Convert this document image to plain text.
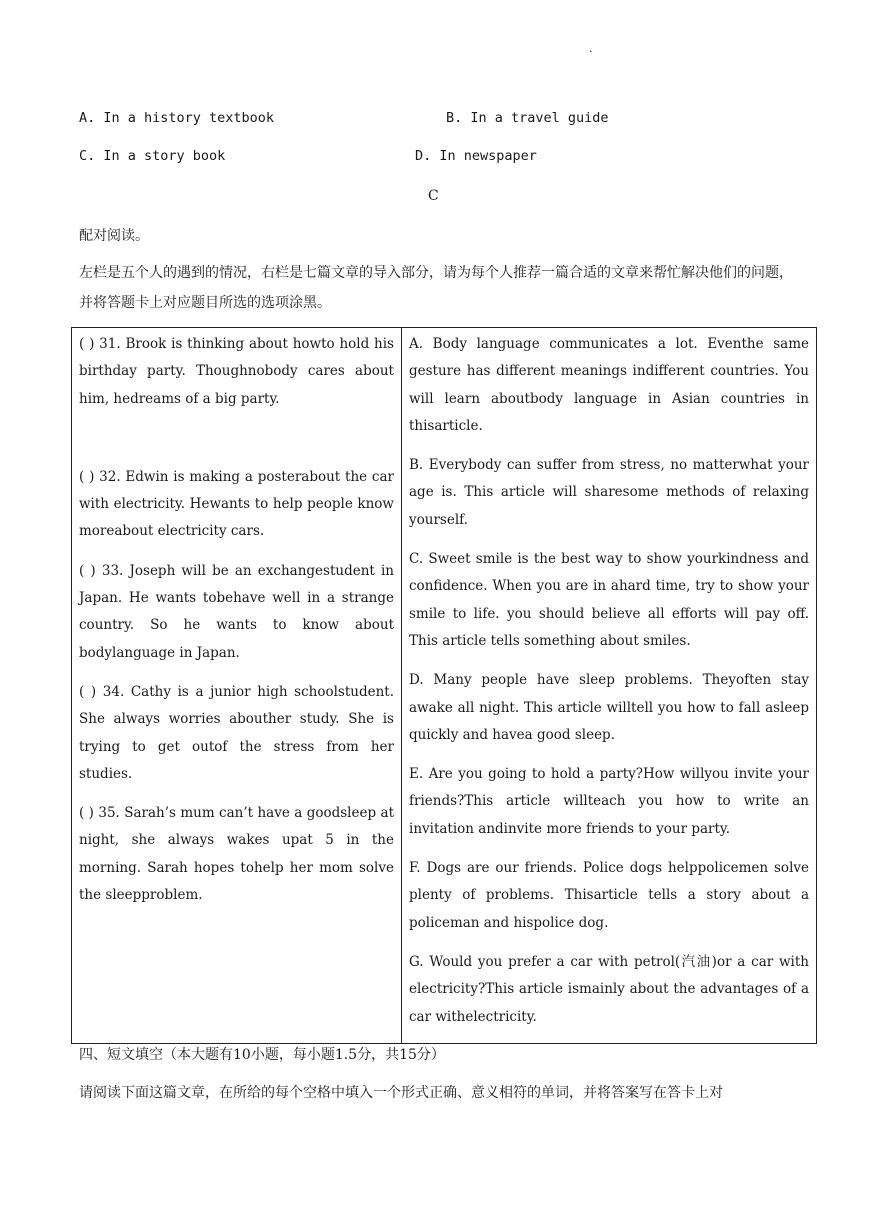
.
A. In a history textbook	B. In a travel guide
C. In a story book	D. In newspaper
C
配对阅读。
左栏是五个人的遇到的情况，右栏是七篇文章的导入部分，请为每个人推荐一篇合适的文章来帮忙解决他们的问题，并将答题卡上对应题目所选的选项涂黑。
( ) 31. Brook is thinking about howto hold his birthday party. Thoughnobody cares about him, hedreams of a big party.
( ) 32. Edwin is making a posterabout the car with electricity. Hewants to help people know moreabout electricity cars.
( ) 33. Joseph will be an exchangestudent in Japan. He wants tobehave well in a strange country. So he wants to know about bodylanguage in Japan.
( ) 34. Cathy is a junior high schoolstudent. She always worries abouther study. She is trying to get outof the stress from her studies.
( ) 35. Sarah’s mum can’t have a goodsleep at night, she always wakes upat 5 in the morning. Sarah hopes tohelp her mom solve the sleepproblem.

A. Body language communicates a lot. Eventhe same gesture has different meanings indifferent countries. You will learn aboutbody language in Asian countries in thisarticle.
B. Everybody can suffer from stress, no matterwhat your age is. This article will sharesome methods of relaxing yourself.
C. Sweet smile is the best way to show yourkindness and confidence. When you are in ahard time, try to show your smile to life. you should believe all efforts will pay off. This article tells something about smiles.
D. Many people have sleep problems. Theyoften stay awake all night. This article willtell you how to fall asleep quickly and havea good sleep.
E. Are you going to hold a party?How willyou invite your friends?This article willteach you how to write an invitation andinvite more friends to your party.
F. Dogs are our friends. Police dogs helppolicemen solve plenty of problems. Thisarticle tells a story about a policeman and hispolice dog.
G. Would you prefer a car with petrol(汽油)or a car with electricity?This article ismainly about the advantages of a car withelectricity.
四、短文填空（本大题有10小题，每小题1.5分，共15分）
请阅读下面这篇文章，在所给的每个空格中填入一个形式正确、意义相符的单词，并将答案写在答卡上对
